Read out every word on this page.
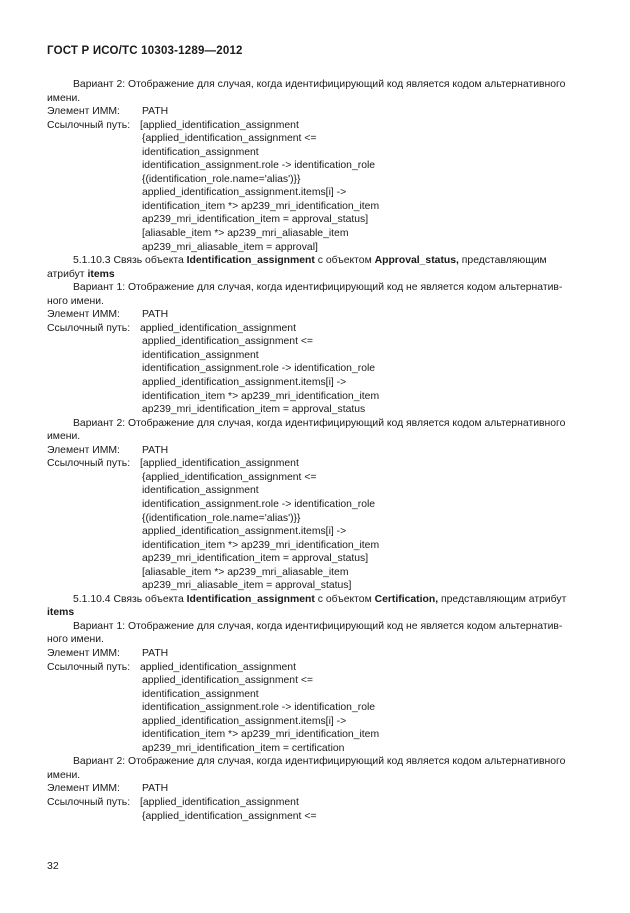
ГОСТ Р ИСО/ТС 10303-1289—2012
Вариант 2: Отображение для случая, когда идентифицирующий код является кодом альтернативного
имени.
Элемент ИММ: PATH
Ссылочный путь: [applied_identification_assignment
{applied_identification_assignment <=
identification_assignment
identification_assignment.role -> identification_role
{(identification_role.name='alias')}}
applied_identification_assignment.items[i] ->
identification_item *> ap239_mri_identification_item
ap239_mri_identification_item = approval_status]
[aliasable_item *> ap239_mri_aliasable_item
ap239_mri_aliasable_item = approval]
5.1.10.3 Связь объекта Identification_assignment с объектом Approval_status, представляющим
атрибут items
Вариант 1: Отображение для случая, когда идентифицирующий код не является кодом альтернатив-
ного имени.
Элемент ИММ: PATH
Ссылочный путь: applied_identification_assignment
applied_identification_assignment <=
identification_assignment
identification_assignment.role -> identification_role
applied_identification_assignment.items[i] ->
identification_item *> ap239_mri_identification_item
ap239_mri_identification_item = approval_status
Вариант 2: Отображение для случая, когда идентифицирующий код является кодом альтернативного
имени.
Элемент ИММ: PATH
Ссылочный путь: [applied_identification_assignment
{applied_identification_assignment <=
identification_assignment
identification_assignment.role -> identification_role
{(identification_role.name='alias')}}
applied_identification_assignment.items[i] ->
identification_item *> ap239_mri_identification_item
ap239_mri_identification_item = approval_status]
[aliasable_item *> ap239_mri_aliasable_item
ap239_mri_aliasable_item = approval_status]
5.1.10.4 Связь объекта Identification_assignment с объектом Certification, представляющим атрибут
items
Вариант 1: Отображение для случая, когда идентифицирующий код не является кодом альтернатив-
ного имени.
Элемент ИММ: PATH
Ссылочный путь: applied_identification_assignment
applied_identification_assignment <=
identification_assignment
identification_assignment.role -> identification_role
applied_identification_assignment.items[i] ->
identification_item *> ap239_mri_identification_item
ap239_mri_identification_item = certification
Вариант 2: Отображение для случая, когда идентифицирующий код является кодом альтернативного
имени.
Элемент ИММ: PATH
Ссылочный путь: [applied_identification_assignment
{applied_identification_assignment <=
32
